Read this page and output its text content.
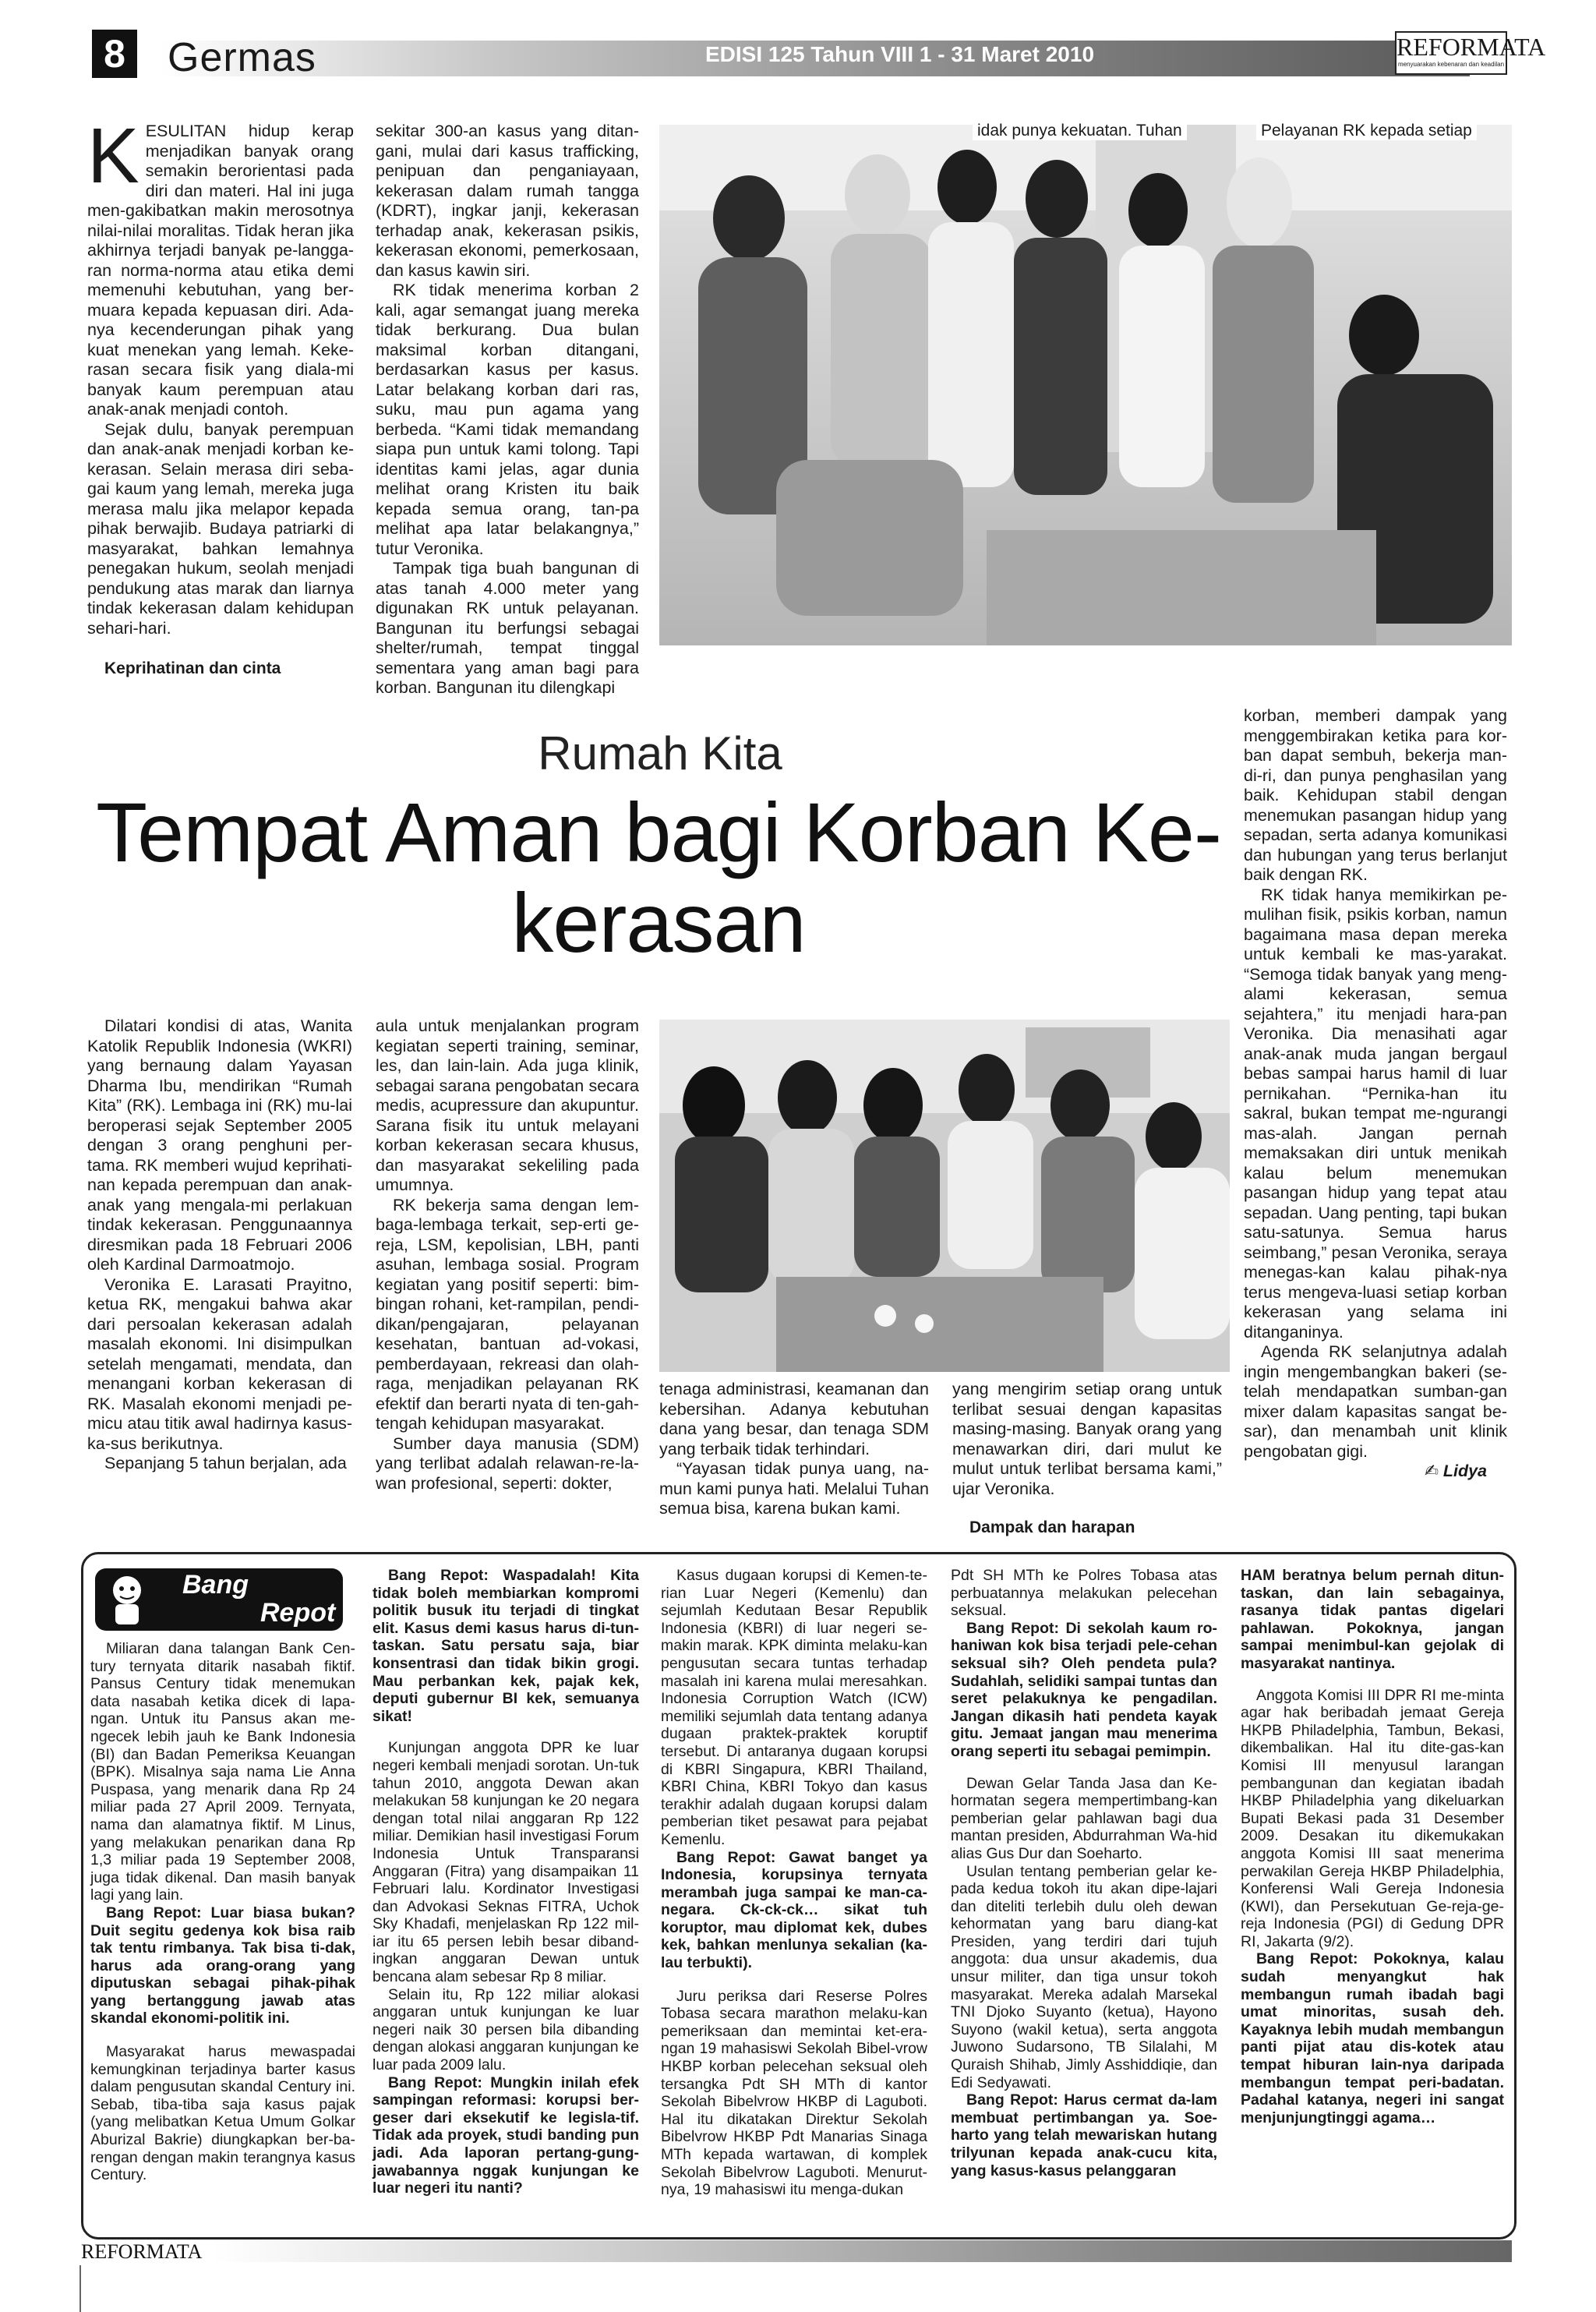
8 Germas	EDISI 125 Tahun VIII 1 - 31 Maret 2010	REFORMATA
menyuarakan kebenaran dan keadilan
K ESULITAN hidup kerap menjadikan banyak orang semakin berorientasi pada diri dan materi. Hal ini juga men-gakibatkan makin merosotnya nilai-nilai moralitas. Tidak heran jika akhirnya terjadi banyak pe-langga-ran norma-norma atau etika demi memenuhi kebutuhan, yang ber-muara kepada kepuasan diri. Ada-nya kecenderungan pihak yang kuat menekan yang lemah. Keke-rasan secara fisik yang diala-mi banyak kaum perempuan atau anak-anak menjadi contoh.

Sejak dulu, banyak perempuan dan anak-anak menjadi korban ke-kerasan. Selain merasa diri seba-gai kaum yang lemah, mereka juga merasa malu jika melapor kepada pihak berwajib. Budaya patriarki di masyarakat, bahkan lemahnya penegakan hukum, seolah menjadi pendukung atas marak dan liarnya tindak kekerasan dalam kehidupan sehari-hari.

Keprihatinan dan cinta

sekitar 300-an kasus yang ditan-gani, mulai dari kasus trafficking, penipuan dan penganiayaan, kekerasan dalam rumah tangga (KDRT), ingkar janji, kekerasan terhadap anak, kekerasan psikis, kekerasan ekonomi, pemerkosaan, dan kasus kawin siri.

RK tidak menerima korban 2 kali, agar semangat juang mereka tidak berkurang. Dua bulan maksimal korban ditangani, berdasarkan kasus per kasus. Latar belakang korban dari ras, suku, mau pun agama yang berbeda. “Kami tidak memandang siapa pun untuk kami tolong. Tapi identitas kami jelas, agar dunia melihat orang Kristen itu baik kepada semua orang, tan-pa melihat apa latar belakangnya,” tutur Veronika.

Tampak tiga buah bangunan di atas tanah 4.000 meter yang digunakan RK untuk pelayanan. Bangunan itu berfungsi sebagai shelter/rumah, tempat tinggal sementara yang aman bagi para korban. Bangunan itu dilengkapi

idak punya kekuatan. Tuhan	Pelayanan RK kepada setiap

korban, memberi dampak yang menggembirakan ketika para kor-ban dapat sembuh, bekerja man-di-ri, dan punya penghasilan yang baik. Kehidupan stabil dengan menemukan pasangan hidup yang sepadan, serta adanya komunikasi dan hubungan yang terus berlanjut baik dengan RK.

RK tidak hanya memikirkan pe-mulihan fisik, psikis korban, namun bagaimana masa depan mereka untuk kembali ke mas-yarakat. “Semoga tidak banyak yang meng-alami kekerasan, semua sejahtera,” itu menjadi hara-pan Veronika. Dia menasihati agar anak-anak muda jangan bergaul bebas sampai harus hamil di luar pernikahan. “Pernika-han itu sakral, bukan tempat me-ngurangi mas-alah. Jangan pernah memaksakan diri untuk menikah kalau belum menemukan pasangan hidup yang tepat atau sepadan. Uang penting, tapi bukan satu-satunya. Semua harus seimbang,” pesan Veronika, seraya menegas-kan kalau pihak-nya terus mengeva-luasi setiap korban kekerasan yang selama ini ditanganinya.

Agenda RK selanjutnya adalah ingin mengembangkan bakeri (se-telah mendapatkan sumban-gan mixer dalam kapasitas sangat be-sar), dan menambah unit klinik pengobatan gigi.

✍ Lidya
Rumah Kita
Tempat Aman bagi Korban Ke-kerasan

Dilatari kondisi di atas, Wanita Katolik Republik Indonesia (WKRI) yang bernaung dalam Yayasan Dharma Ibu, mendirikan “Rumah Kita” (RK). Lembaga ini (RK) mu-lai beroperasi sejak September 2005 dengan 3 orang penghuni per-tama. RK memberi wujud keprihati-nan kepada perempuan dan anak-anak yang mengala-mi perlakuan tindak kekerasan. Penggunaannya diresmikan pada 18 Februari 2006 oleh Kardinal Darmoatmojo.

Veronika E. Larasati Prayitno, ketua RK, mengakui bahwa akar dari persoalan kekerasan adalah masalah ekonomi. Ini disimpulkan setelah mengamati, mendata, dan menangani korban kekerasan di RK. Masalah ekonomi menjadi pe-micu atau titik awal hadirnya kasus-ka-sus berikutnya.

Sepanjang 5 tahun berjalan, ada

aula untuk menjalankan program kegiatan seperti training, seminar, les, dan lain-lain. Ada juga klinik, sebagai sarana pengobatan secara medis, acupressure dan akupuntur. Sarana fisik itu untuk melayani korban kekerasan secara khusus, dan masyarakat sekeliling pada umumnya.

RK bekerja sama dengan lem-baga-lembaga terkait, sep-erti ge-reja, LSM, kepolisian, LBH, panti asuhan, lembaga sosial. Program kegiatan yang positif seperti: bim-bingan rohani, ket-rampilan, pendi-dikan/pengajaran, pelayanan kesehatan, bantuan ad-vokasi, pemberdayaan, rekreasi dan olah-raga, menjadikan pelayanan RK efektif dan berarti nyata di ten-gah-tengah kehidupan masyarakat.

Sumber daya manusia (SDM) yang terlibat adalah relawan-re-la-wan profesional, seperti: dokter,

tenaga administrasi, keamanan dan kebersihan. Adanya kebutuhan dana yang besar, dan tenaga SDM yang terbaik tidak terhindari.

“Yayasan tidak punya uang, na-mun kami punya hati. Melalui Tuhan semua bisa, karena bukan kami.

yang mengirim setiap orang untuk terlibat sesuai dengan kapasitas masing-masing. Banyak orang yang menawarkan diri, dari mulut ke mulut untuk terlibat bersama kami,” ujar Veronika.

Dampak dan harapan

Bang
Repot

Miliaran dana talangan Bank Cen-tury ternyata ditarik nasabah fiktif. Pansus Century tidak menemukan data nasabah ketika dicek di lapa-ngan. Untuk itu Pansus akan me-ngecek lebih jauh ke Bank Indonesia (BI) dan Badan Pemeriksa Keuangan (BPK). Misalnya saja nama Lie Anna Puspasa, yang menarik dana Rp 24 miliar pada 27 April 2009. Ternyata, nama dan alamatnya fiktif. M Linus, yang melakukan penarikan dana Rp 1,3 miliar pada 19 September 2008, juga tidak dikenal. Dan masih banyak lagi yang lain.

Bang Repot: Luar biasa bukan? Duit segitu gedenya kok bisa raib tak tentu rimbanya. Tak bisa ti-dak, harus ada orang-orang yang diputuskan sebagai pihak-pihak yang bertanggung jawab atas skandal ekonomi-politik ini.

Masyarakat harus mewaspadai kemungkinan terjadinya barter kasus dalam pengusutan skandal Century ini. Sebab, tiba-tiba saja kasus pajak (yang melibatkan Ketua Umum Golkar Aburizal Bakrie) diungkapkan ber-ba-rengan dengan makin terangnya kasus Century.

Bang Repot: Waspadalah! Kita tidak boleh membiarkan kompromi politik busuk itu terjadi di tingkat elit. Kasus demi kasus harus di-tun-taskan. Satu persatu saja, biar konsentrasi dan tidak bikin grogi. Mau perbankan kek, pajak kek, deputi gubernur BI kek, semuanya sikat!

Kunjungan anggota DPR ke luar negeri kembali menjadi sorotan. Un-tuk tahun 2010, anggota Dewan akan melakukan 58 kunjungan ke 20 negara dengan total nilai anggaran Rp 122 miliar. Demikian hasil investigasi Forum Indonesia Untuk Transparansi Anggaran (Fitra) yang disampaikan 11 Februari lalu. Kordinator Investigasi dan Advokasi Seknas FITRA, Uchok Sky Khadafi, menjelaskan Rp 122 mil-iar itu 65 persen lebih besar diband-ingkan anggaran Dewan untuk bencana alam sebesar Rp 8 miliar.

Selain itu, Rp 122 miliar alokasi anggaran untuk kunjungan ke luar negeri naik 30 persen bila dibanding dengan alokasi anggaran kunjungan ke luar pada 2009 lalu.

Bang Repot: Mungkin inilah efek sampingan reformasi: korupsi ber-geser dari eksekutif ke legisla-tif. Tidak ada proyek, studi banding pun jadi. Ada laporan pertang-gung-jawabannya nggak kunjungan ke luar negeri itu nanti?

Kasus dugaan korupsi di Kemen-te-rian Luar Negeri (Kemenlu) dan sejumlah Kedutaan Besar Republik Indonesia (KBRI) di luar negeri se-makin marak. KPK diminta melaku-kan pengusutan secara tuntas terhadap masalah ini karena mulai meresahkan. Indonesia Corruption Watch (ICW) memiliki sejumlah data tentang adanya dugaan praktek-praktek koruptif tersebut. Di antaranya dugaan korupsi di KBRI Singapura, KBRI Thailand, KBRI China, KBRI Tokyo dan kasus terakhir adalah dugaan korupsi dalam pemberian tiket pesawat para pejabat Kemenlu.

Bang Repot: Gawat banget ya Indonesia, korupsinya ternyata merambah juga sampai ke man-ca-negara. Ck-ck-ck… sikat tuh koruptor, mau diplomat kek, dubes kek, bahkan menlunya sekalian (ka-lau terbukti).

Juru periksa dari Reserse Polres Tobasa secara marathon melaku-kan pemeriksaan dan memintai ket-era-ngan 19 mahasiswi Sekolah Bibel-vrow HKBP korban pelecehan seksual oleh tersangka Pdt SH MTh di kantor Sekolah Bibelvrow HKBP di Laguboti. Hal itu dikatakan Direktur Sekolah Bibelvrow HKBP Pdt Manarias Sinaga MTh kepada wartawan, di komplek Sekolah Bibelvrow Laguboti. Menurut-nya, 19 mahasiswi itu menga-dukan

Pdt SH MTh ke Polres Tobasa atas perbuatannya melakukan pelecehan seksual.

Bang Repot: Di sekolah kaum ro-haniwan kok bisa terjadi pele-cehan seksual sih? Oleh pendeta pula? Sudahlah, selidiki sampai tuntas dan seret pelakuknya ke pengadilan. Jangan dikasih hati pendeta kayak gitu. Jemaat jangan mau menerima orang seperti itu sebagai pemimpin.

Dewan Gelar Tanda Jasa dan Ke-hormatan segera mempertimbang-kan pemberian gelar pahlawan bagi dua mantan presiden, Abdurrahman Wa-hid alias Gus Dur dan Soeharto.

Usulan tentang pemberian gelar ke-pada kedua tokoh itu akan dipe-lajari dan diteliti terlebih dulu oleh dewan kehormatan yang baru diang-kat Presiden, yang terdiri dari tujuh anggota: dua unsur akademis, dua unsur militer, dan tiga unsur tokoh masyarakat. Mereka adalah Marsekal TNI Djoko Suyanto (ketua), Hayono Suyono (wakil ketua), serta anggota Juwono Sudarsono, TB Silalahi, M Quraish Shihab, Jimly Asshiddiqie, dan Edi Sedyawati.

Bang Repot: Harus cermat da-lam membuat pertimbangan ya. Soe-harto yang telah mewariskan hutang trilyunan kepada anak-cucu kita, yang kasus-kasus pelanggaran

HAM beratnya belum pernah ditun-taskan, dan lain sebagainya, rasanya tidak pantas digelari pahlawan. Pokoknya, jangan sampai menimbul-kan gejolak di masyarakat nantinya.

Anggota Komisi III DPR RI me-minta agar hak beribadah jemaat Gereja HKPB Philadelphia, Tambun, Bekasi, dikembalikan. Hal itu dite-gas-kan Komisi III menyusul larangan pembangunan dan kegiatan ibadah HKBP Philadelphia yang dikeluarkan Bupati Bekasi pada 31 Desember 2009. Desakan itu dikemukakan anggota Komisi III saat menerima perwakilan Gereja HKBP Philadelphia, Konferensi Wali Gereja Indonesia (KWI), dan Persekutuan Ge-reja-ge-reja Indonesia (PGI) di Gedung DPR RI, Jakarta (9/2).

Bang Repot: Pokoknya, kalau sudah menyangkut hak membangun rumah ibadah bagi umat minoritas, susah deh. Kayaknya lebih mudah membangun panti pijat atau dis-kotek atau tempat hiburan lain-nya daripada membangun tempat peri-badatan. Padahal katanya, negeri ini sangat menjunjungtinggi agama…

REFORMATA
